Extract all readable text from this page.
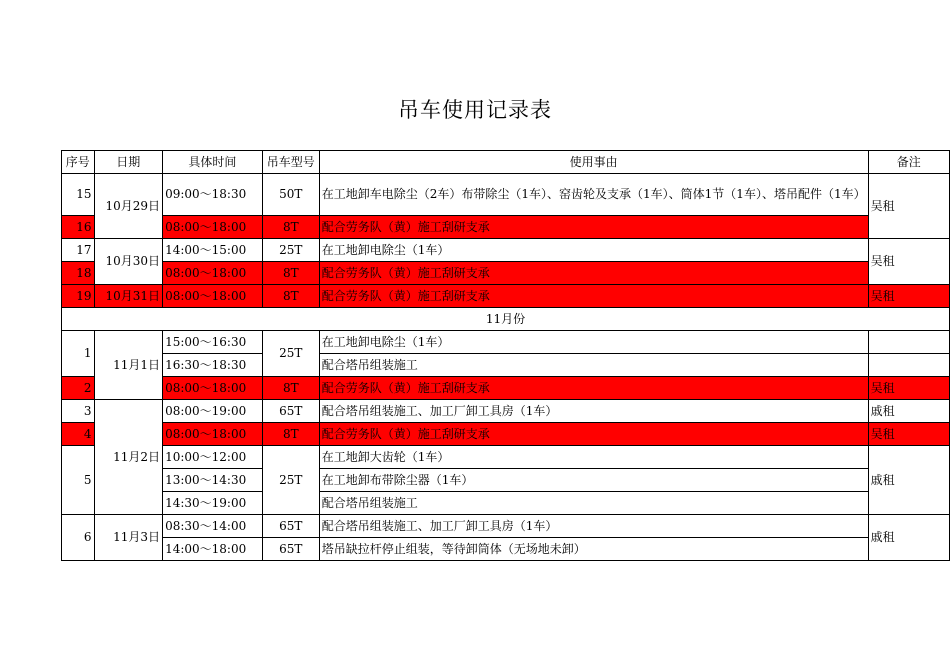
吊车使用记录表
序号	日期	具体时间	吊车型号	使用事由	备注
15	10月29日	09:00～18:30	50T	在工地卸车电除尘（2车）布带除尘（1车）、窑齿轮及支承（1车）、筒体1节（1车）、塔吊配件（1车）	吴租
16		08:00～18:00	8T	配合劳务队（黄）施工刮研支承	
17	10月30日	14:00～15:00	25T	在工地卸电除尘（1车）	吴租
18		08:00～18:00	8T	配合劳务队（黄）施工刮研支承	
19	10月31日	08:00～18:00	8T	配合劳务队（黄）施工刮研支承	吴租
11月份					
1	11月1日	15:00～16:30	25T	在工地卸电除尘（1车）	
		16:30～18:30		配合塔吊组装施工	
2		08:00～18:00	8T	配合劳务队（黄）施工刮研支承	吴租
3	11月2日	08:00～19:00	65T	配合塔吊组装施工、加工厂卸工具房（1车）	戚租
4		08:00～18:00	8T	配合劳务队（黄）施工刮研支承	吴租
5		10:00～12:00	25T	在工地卸大齿轮（1车）	戚租
		13:00～14:30		在工地卸布带除尘器（1车）	
		14:30～19:00		配合塔吊组装施工	
6	11月3日	08:30～14:00	65T	配合塔吊组装施工、加工厂卸工具房（1车）	戚租
		14:00～18:00	65T	塔吊缺拉杆停止组装，等待卸筒体（无场地未卸）	
